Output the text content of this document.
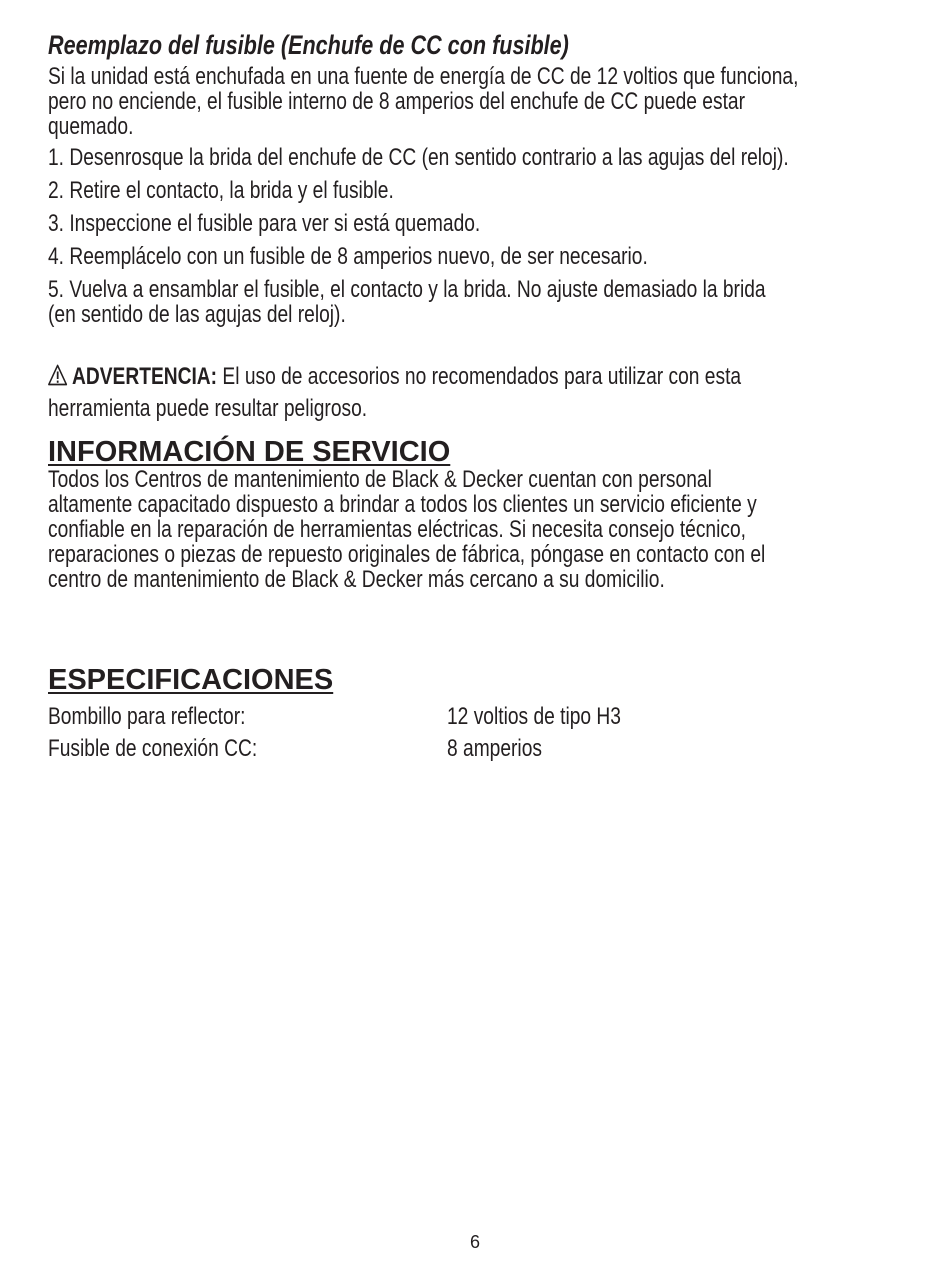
Reemplazo del fusible (Enchufe de CC con fusible)
Si la unidad está enchufada en una fuente de energía de CC de 12 voltios que funciona,
pero no enciende, el fusible interno de 8 amperios del enchufe de CC puede estar
quemado.
1. Desenrosque la brida del enchufe de CC (en sentido contrario a las agujas del reloj).
2. Retire el contacto, la brida y el fusible.
3. Inspeccione el fusible para ver si está quemado.
4. Reemplácelo con un fusible de 8 amperios nuevo, de ser necesario.
5. Vuelva a ensamblar el fusible, el contacto y la brida. No ajuste demasiado la brida
(en sentido de las agujas del reloj).
ADVERTENCIA: El uso de accesorios no recomendados para utilizar con esta
herramienta puede resultar peligroso.
INFORMACIÓN DE SERVICIO
Todos los Centros de mantenimiento de Black & Decker cuentan con personal
altamente capacitado dispuesto a brindar a todos los clientes un servicio eficiente y
confiable en la reparación de herramientas eléctricas. Si necesita consejo técnico,
reparaciones o piezas de repuesto originales de fábrica, póngase en contacto con el
centro de mantenimiento de Black & Decker más cercano a su domicilio.
ESPECIFICACIONES
Bombillo para reflector:	12 voltios de tipo H3
Fusible de conexión CC:	8 amperios
6
